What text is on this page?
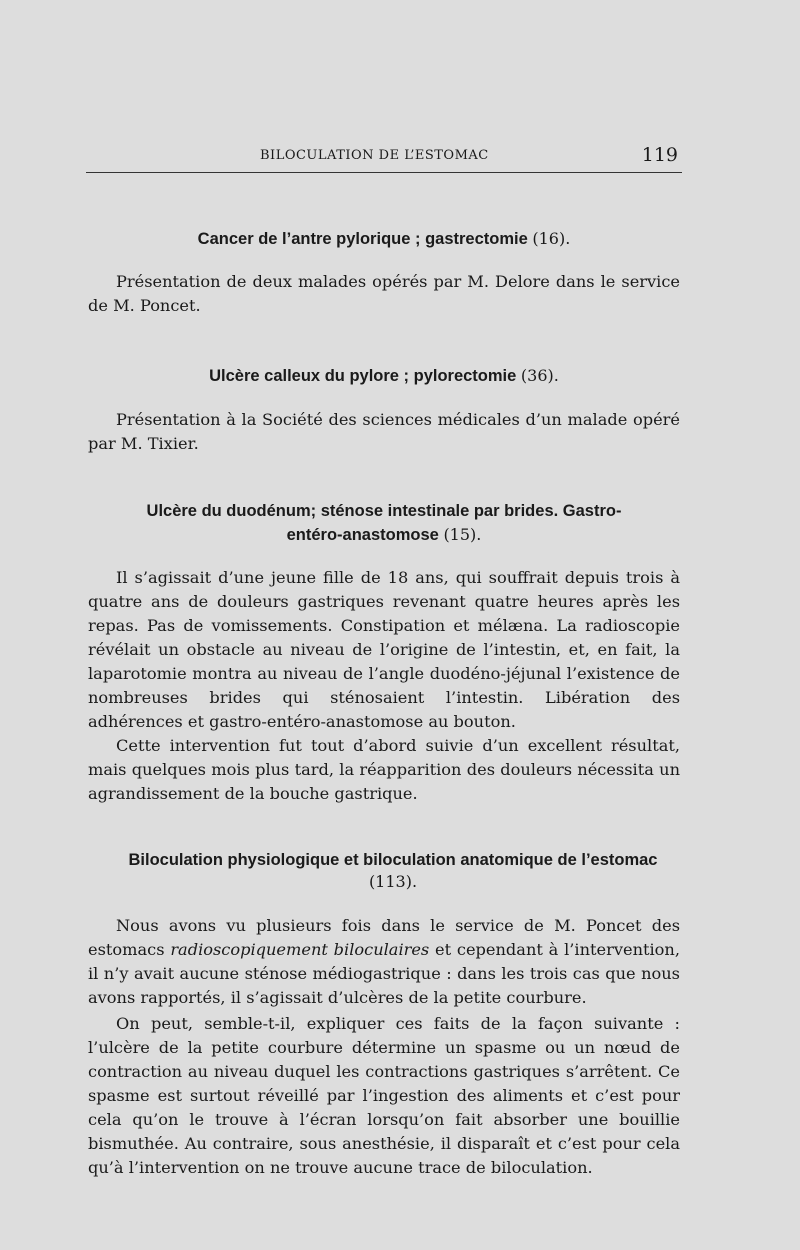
BILOCULATION DE L’ESTOMAC	119
Cancer de l’antre pylorique ; gastrectomie (16).
Présentation de deux malades opérés par M. Delore dans le service de M. Poncet.
Ulcère calleux du pylore ; pylorectomie (36).
Présentation à la Société des sciences médicales d’un malade opéré par M. Tixier.
Ulcère du duodénum; sténose intestinale par brides. Gastro-
entéro-anastomose (15).
Il s’agissait d’une jeune fille de 18 ans, qui souffrait depuis trois à quatre ans de douleurs gastriques revenant quatre heures après les repas. Pas de vomissements. Constipation et mélæna. La radioscopie révélait un obstacle au niveau de l’origine de l’intestin, et, en fait, la laparotomie montra au niveau de l’angle duodéno-jéjunal l’existence de nombreuses brides qui sténosaient l’intestin. Libération des adhérences et gastro-entéro-anastomose au bouton.
Cette intervention fut tout d’abord suivie d’un excellent résultat, mais quelques mois plus tard, la réapparition des douleurs nécessita un agrandissement de la bouche gastrique.
Biloculation physiologique et biloculation anatomique de l’estomac
(113).
Nous avons vu plusieurs fois dans le service de M. Poncet des estomacs radioscopiquement biloculaires et cependant à l’intervention, il n’y avait aucune sténose médiogastrique : dans les trois cas que nous avons rapportés, il s’agissait d’ulcères de la petite courbure.
On peut, semble-t-il, expliquer ces faits de la façon suivante : l’ulcère de la petite courbure détermine un spasme ou un nœud de contraction au niveau duquel les contractions gastriques s’arrêtent. Ce spasme est surtout réveillé par l’ingestion des aliments et c’est pour cela qu’on le trouve à l’écran lorsqu’on fait absorber une bouillie bismuthée. Au contraire, sous anesthésie, il disparaît et c’est pour cela qu’à l’intervention on ne trouve aucune trace de biloculation.
